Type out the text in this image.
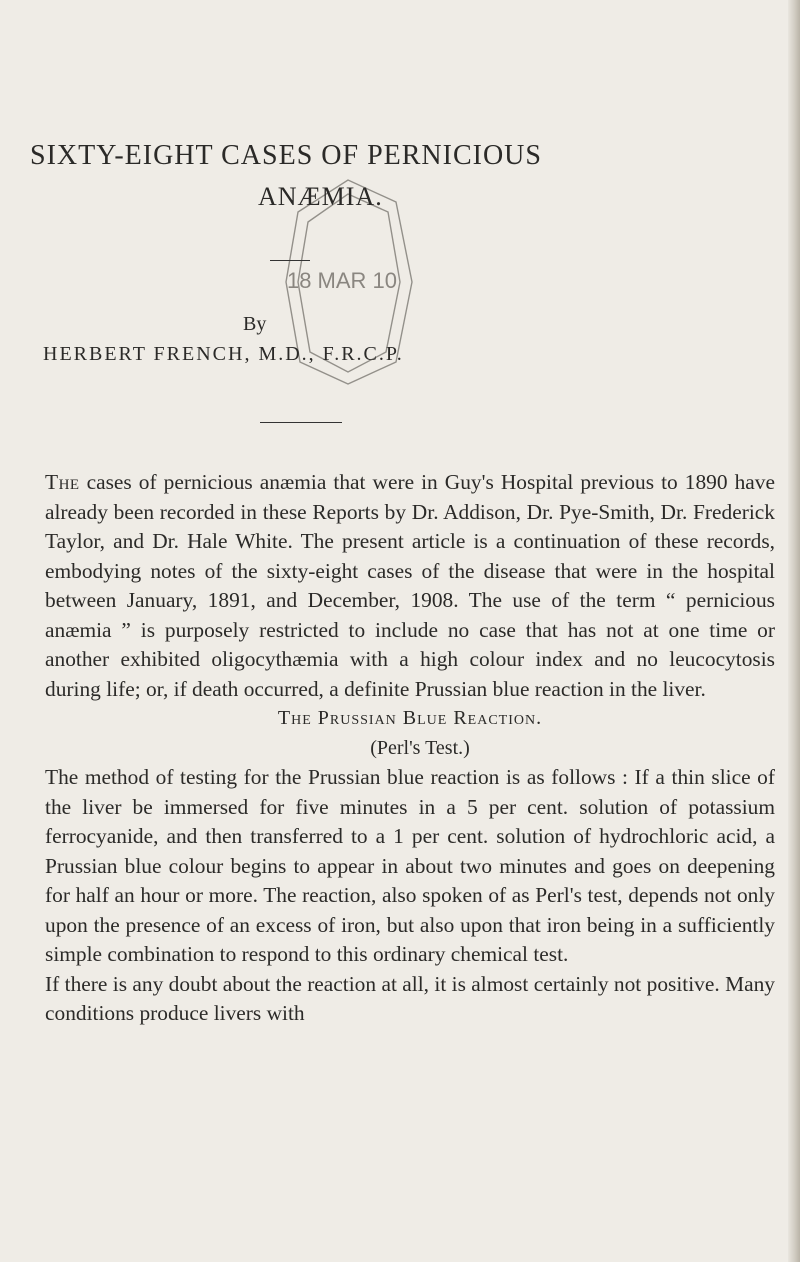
18 MAR 10
SIXTY-EIGHT CASES OF PERNICIOUS
ANÆMIA.
By
HERBERT FRENCH, M.D., F.R.C.P.

The cases of pernicious anæmia that were in Guy's Hospital previous to 1890 have already been recorded in these Reports by Dr. Addison, Dr. Pye-Smith, Dr. Frederick Taylor, and Dr. Hale White. The present article is a continuation of these records, embodying notes of the sixty-eight cases of the disease that were in the hospital between January, 1891, and December, 1908. The use of the term “ pernicious anæmia ” is purposely restricted to include no case that has not at one time or another exhibited oligocythæmia with a high colour index and no leucocytosis during life; or, if death occurred, a definite Prussian blue reaction in the liver.

The Prussian Blue Reaction.

(Perl's Test.)

The method of testing for the Prussian blue reaction is as follows : If a thin slice of the liver be immersed for five minutes in a 5 per cent. solution of potassium ferrocyanide, and then transferred to a 1 per cent. solution of hydrochloric acid, a Prussian blue colour begins to appear in about two minutes and goes on deepening for half an hour or more. The reaction, also spoken of as Perl's test, depends not only upon the presence of an excess of iron, but also upon that iron being in a sufficiently simple combination to respond to this ordinary chemical test.

If there is any doubt about the reaction at all, it is almost certainly not positive. Many conditions produce livers with
